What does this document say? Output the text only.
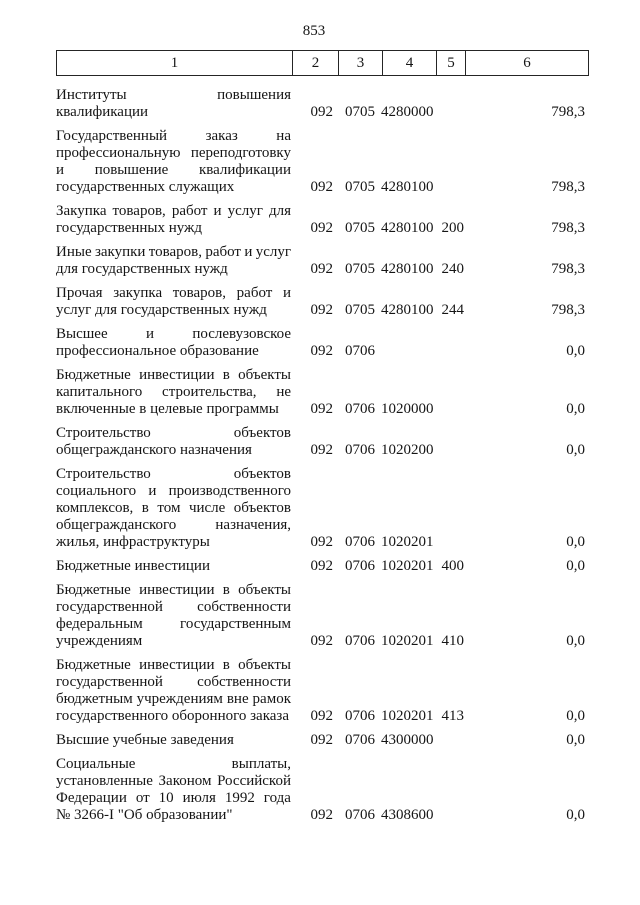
853
1	2	3	4	5	6
Институты	повышения
квалификации	092 0705 4280000	798,3
Государственный	заказ	на
профессиональную переподготовку
и повышение квалификации
государственных служащих	092 0705 4280100	798,3
Закупка товаров, работ и услуг для
государственных нужд	092 0705 4280100 200	798,3
Иные закупки товаров, работ и услуг
для государственных нужд	092 0705 4280100 240	798,3
Прочая закупка товаров, работ и
услуг для государственных нужд	092 0705 4280100 244	798,3
Высшее	и	послевузовское
профессиональное образование	092 0706	0,0
Бюджетные инвестиции в объекты
капитального строительства, не
включенные в целевые программы	092 0706 1020000	0,0
Строительство	объектов
общегражданского назначения	092 0706 1020200	0,0
Строительство	объектов
социального и производственного
комплексов, в том числе объектов
общегражданского	назначения,
жилья, инфраструктуры	092 0706 1020201	0,0
Бюджетные инвестиции	092 0706 1020201 400	0,0
Бюджетные инвестиции в объекты
государственной собственности
федеральным государственным
учреждениям	092 0706 1020201 410	0,0
Бюджетные инвестиции в объекты
государственной собственности
бюджетным учреждениям вне рамок
государственного оборонного заказа	092 0706 1020201 413	0,0
Высшие учебные заведения	092 0706 4300000	0,0
Социальные	выплаты,
установленные Законом Российской
Федерации от 10 июля 1992 года
№ 3266-I "Об образовании"	092 0706 4308600	0,0
